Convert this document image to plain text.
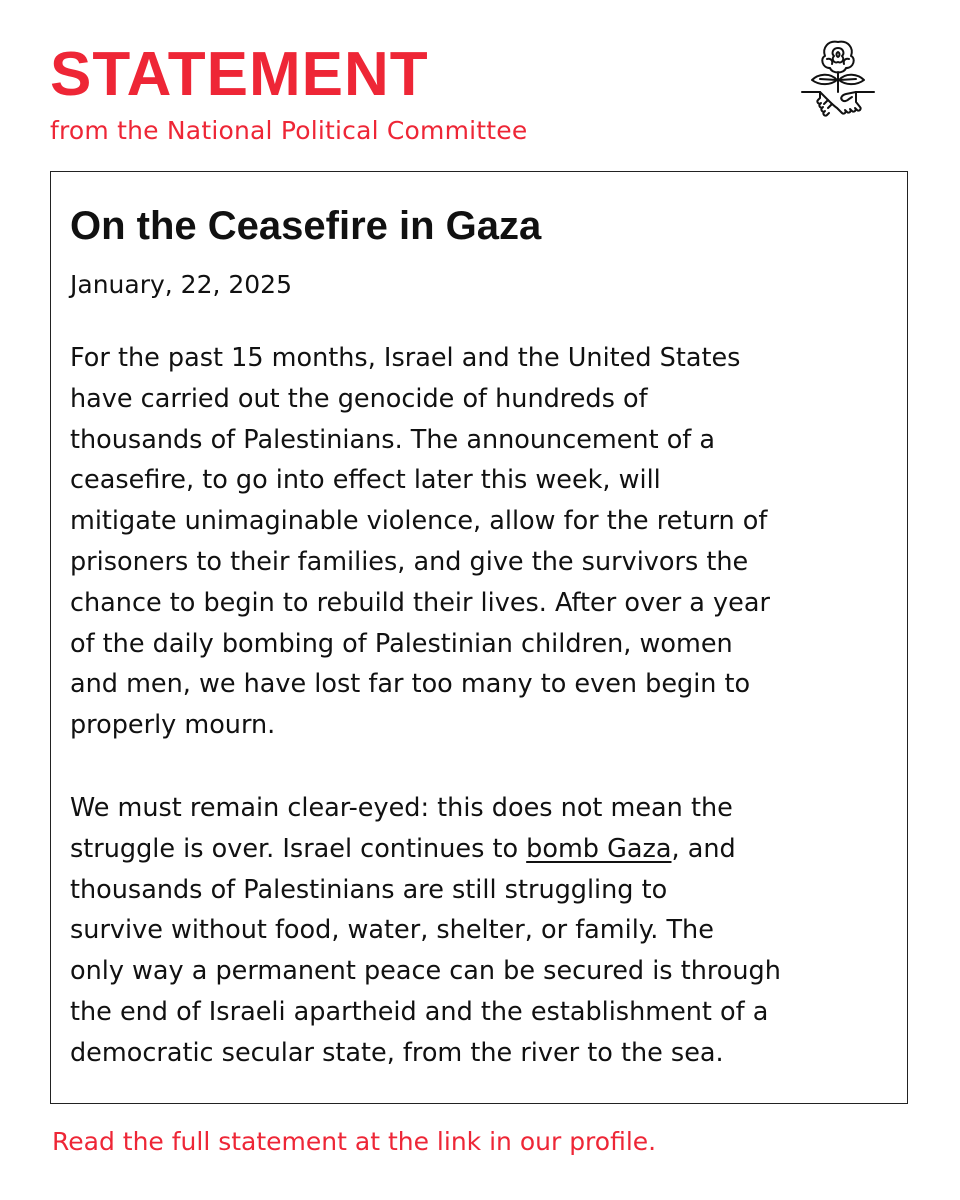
STATEMENT

from the National Political Committee

On the Ceasefire in Gaza

January, 22, 2025

For the past 15 months, Israel and the United States
have carried out the genocide of hundreds of
thousands of Palestinians. The announcement of a
ceasefire, to go into effect later this week, will
mitigate unimaginable violence, allow for the return of
prisoners to their families, and give the survivors the
chance to begin to rebuild their lives. After over a year
of the daily bombing of Palestinian children, women
and men, we have lost far too many to even begin to
properly mourn.

We must remain clear-eyed: this does not mean the
struggle is over. Israel continues to bomb Gaza, and
thousands of Palestinians are still struggling to
survive without food, water, shelter, or family. The
only way a permanent peace can be secured is through
the end of Israeli apartheid and the establishment of a
democratic secular state, from the river to the sea.

Read the full statement at the link in our profile.
